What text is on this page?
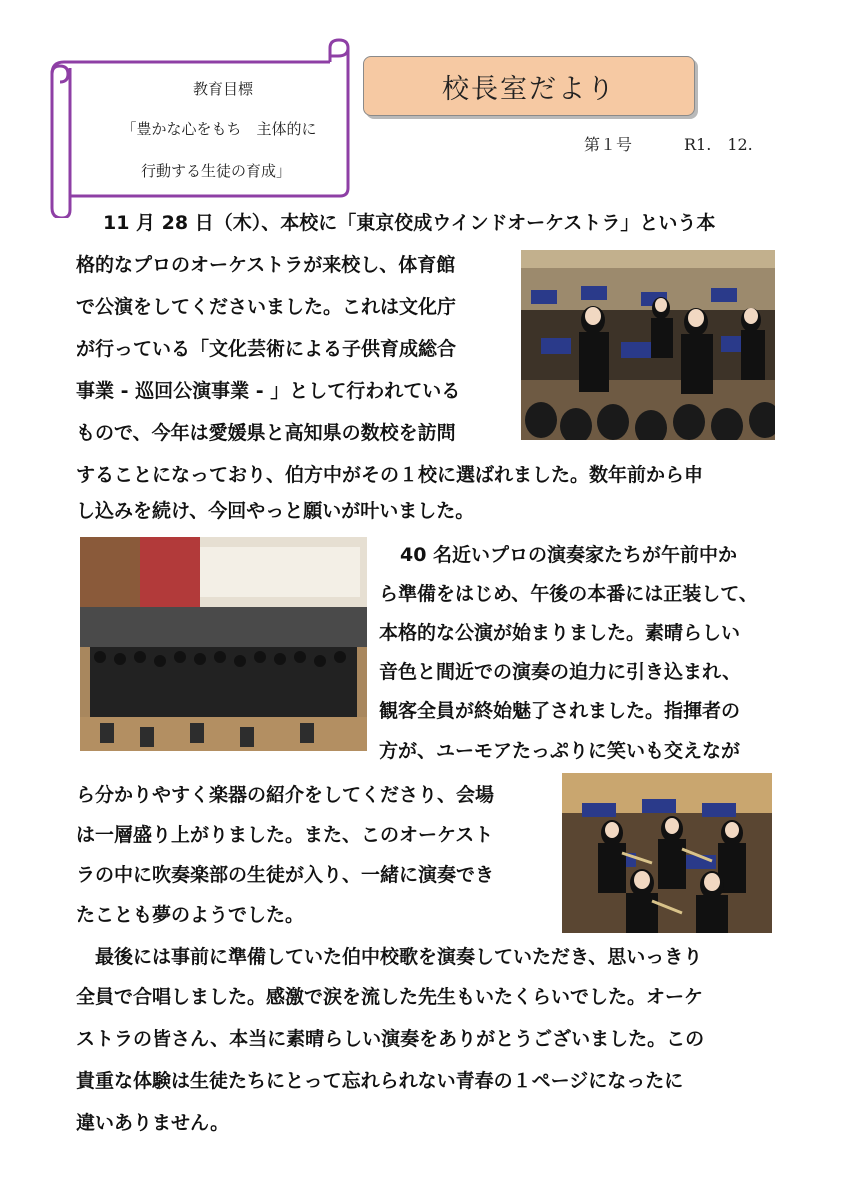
教育目標
「豊かな心をもち　主体的に
行動する生徒の育成」
校長室だより
第１号	R1.　12.
11 月 28 日（木）、本校に「東京佼成ウインドオーケストラ」という本
格的なプロのオーケストラが来校し、体育館
で公演をしてくださいました。これは文化庁
が行っている「文化芸術による子供育成総合
事業 - 巡回公演事業 - 」として行われている
もので、今年は愛媛県と高知県の数校を訪問
することになっており、伯方中がその１校に選ばれました。数年前から申
し込みを続け、今回やっと願いが叶いました。
40 名近いプロの演奏家たちが午前中か
ら準備をはじめ、午後の本番には正装して、
本格的な公演が始まりました。素晴らしい
音色と間近での演奏の迫力に引き込まれ、
観客全員が終始魅了されました。指揮者の
方が、ユーモアたっぷりに笑いも交えなが
ら分かりやすく楽器の紹介をしてくださり、会場
は一層盛り上がりました。また、このオーケスト
ラの中に吹奏楽部の生徒が入り、一緒に演奏でき
たことも夢のようでした。
最後には事前に準備していた伯中校歌を演奏していただき、思いっきり
全員で合唱しました。感激で涙を流した先生もいたくらいでした。オーケ
ストラの皆さん、本当に素晴らしい演奏をありがとうございました。この
貴重な体験は生徒たちにとって忘れられない青春の１ページになったに
違いありません。
